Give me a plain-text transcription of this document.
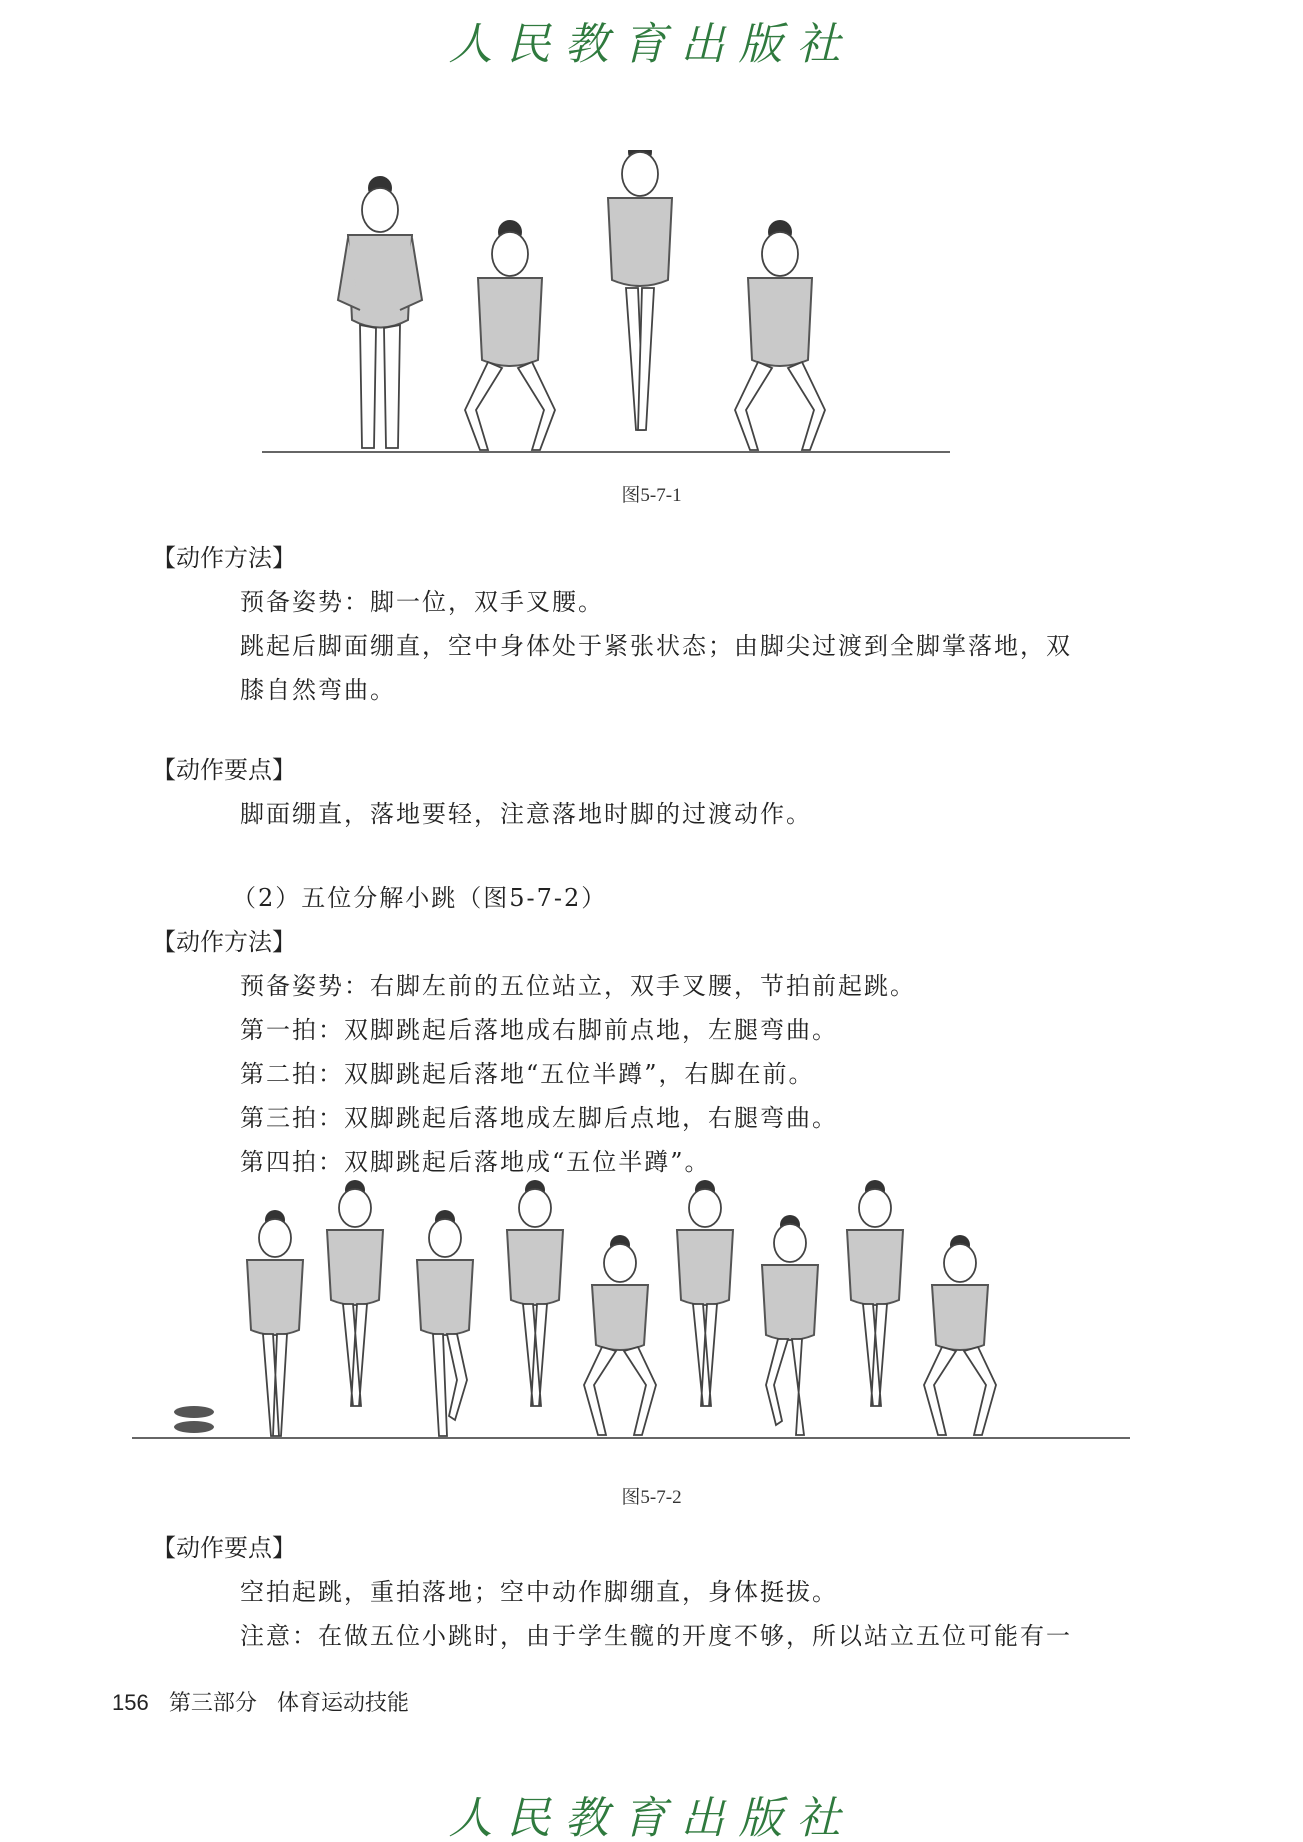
人民教育出版社
图5-7-1
【动作方法】
预备姿势：脚一位，双手叉腰。
跳起后脚面绷直，空中身体处于紧张状态；由脚尖过渡到全脚掌落地，双
膝自然弯曲。
【动作要点】
脚面绷直，落地要轻，注意落地时脚的过渡动作。
（2）五位分解小跳（图5-7-2）
【动作方法】
预备姿势：右脚左前的五位站立，双手叉腰，节拍前起跳。
第一拍：双脚跳起后落地成右脚前点地，左腿弯曲。
第二拍：双脚跳起后落地“五位半蹲”，右脚在前。
第三拍：双脚跳起后落地成左脚后点地，右腿弯曲。
第四拍：双脚跳起后落地成“五位半蹲”。
图5-7-2
【动作要点】
空拍起跳，重拍落地；空中动作脚绷直，身体挺拔。
注意：在做五位小跳时，由于学生髋的开度不够，所以站立五位可能有一
156 第三部分 体育运动技能
人民教育出版社
